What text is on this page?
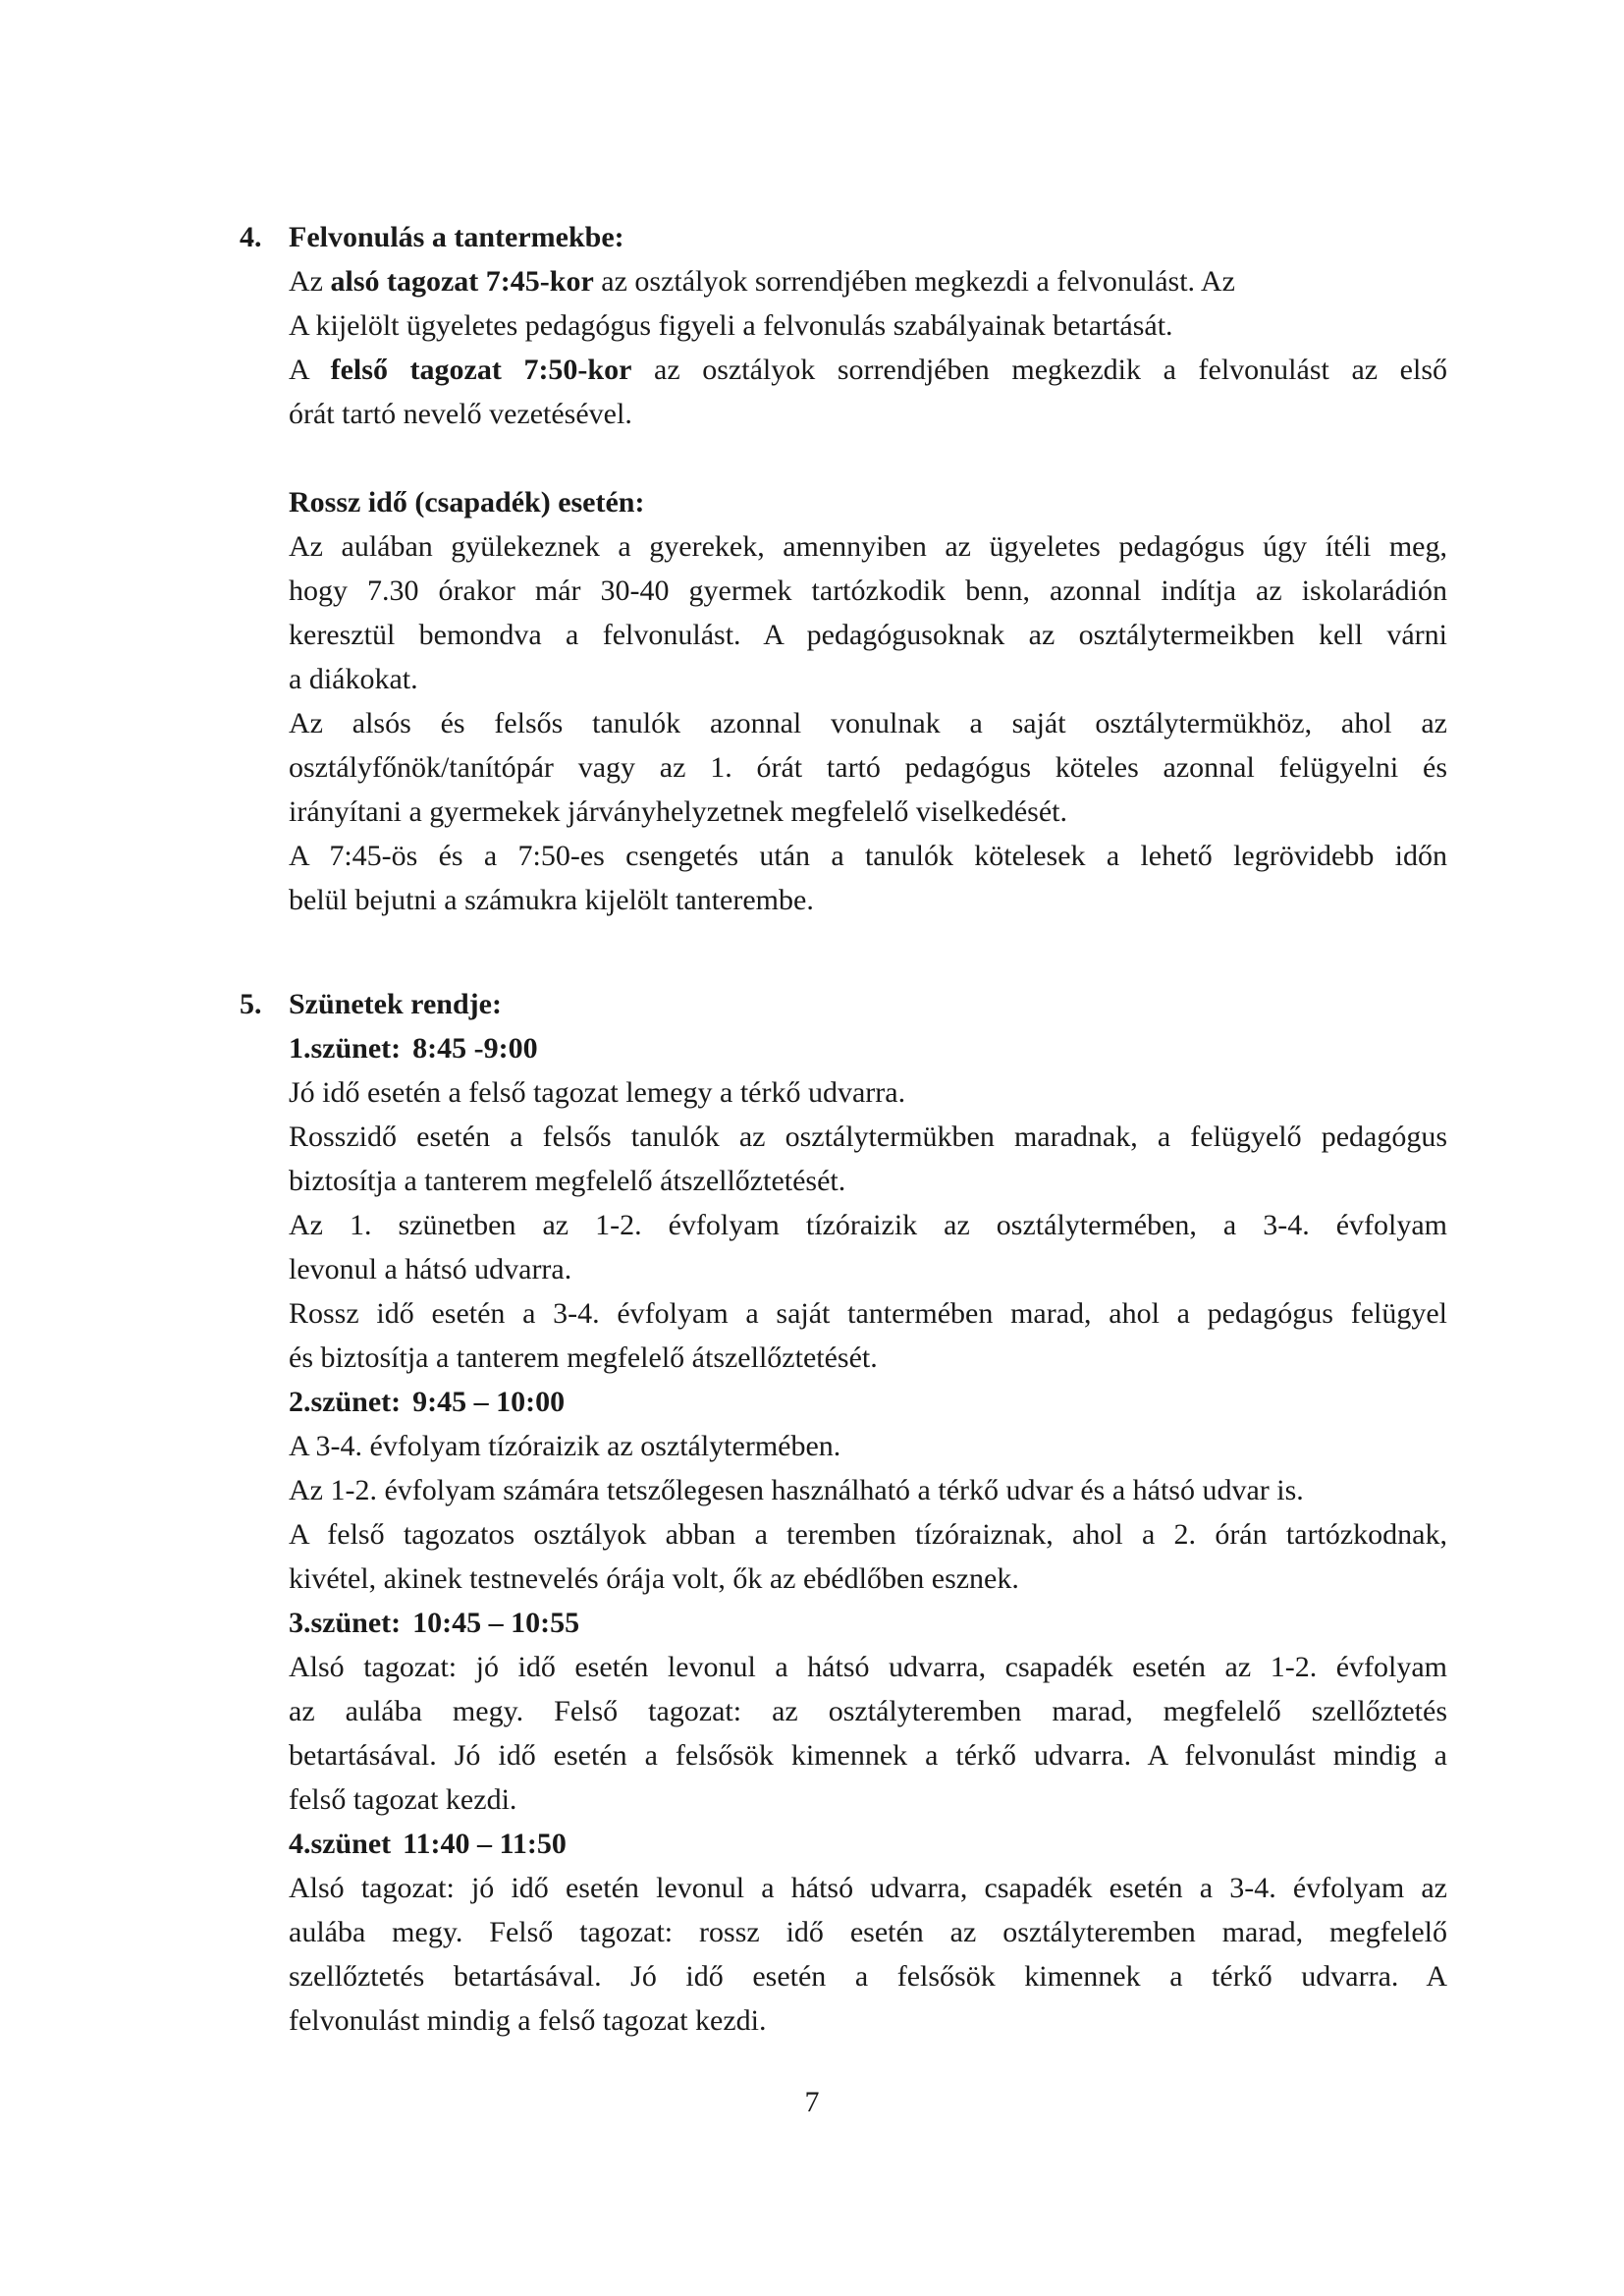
4. Felvonulás a tantermekbe:
Az alsó tagozat 7:45-kor az osztályok sorrendjében megkezdi a felvonulást. Az
A kijelölt ügyeletes pedagógus figyeli a felvonulás szabályainak betartását.
A felső tagozat 7:50-kor az osztályok sorrendjében megkezdik a felvonulást az első
órát tartó nevelő vezetésével.
Rossz idő (csapadék) esetén:
Az aulában gyülekeznek a gyerekek, amennyiben az ügyeletes pedagógus úgy ítéli meg,
hogy 7.30 órakor már 30-40 gyermek tartózkodik benn, azonnal indítja az iskolarádión
keresztül bemondva a felvonulást. A pedagógusoknak az osztálytermeikben kell várni
a diákokat.
Az alsós és felsős tanulók azonnal vonulnak a saját osztálytermükhöz, ahol az
osztályfőnök/tanítópár vagy az 1. órát tartó pedagógus köteles azonnal felügyelni és
irányítani a gyermekek járványhelyzetnek megfelelő viselkedését.
A 7:45-ös és a 7:50-es csengetés után a tanulók kötelesek a lehető legrövidebb időn
belül bejutni a számukra kijelölt tanterembe.
5. Szünetek rendje:
1.szünet: 8:45 -9:00
Jó idő esetén a felső tagozat lemegy a térkő udvarra.
Rosszidő esetén a felsős tanulók az osztálytermükben maradnak, a felügyelő pedagógus
biztosítja a tanterem megfelelő átszellőztetését.
Az 1. szünetben az 1-2. évfolyam tízóraizik az osztálytermében, a 3-4. évfolyam
levonul a hátsó udvarra.
Rossz idő esetén a 3-4. évfolyam a saját tantermében marad, ahol a pedagógus felügyel
és biztosítja a tanterem megfelelő átszellőztetését.
2.szünet: 9:45 – 10:00
A 3-4. évfolyam tízóraizik az osztálytermében.
Az 1-2. évfolyam számára tetszőlegesen használható a térkő udvar és a hátsó udvar is.
A felső tagozatos osztályok abban a teremben tízóraiznak, ahol a 2. órán tartózkodnak,
kivétel, akinek testnevelés órája volt, ők az ebédlőben esznek.
3.szünet: 10:45 – 10:55
Alsó tagozat: jó idő esetén levonul a hátsó udvarra, csapadék esetén az 1-2. évfolyam
az aulába megy. Felső tagozat: az osztályteremben marad, megfelelő szellőztetés
betartásával. Jó idő esetén a felsősök kimennek a térkő udvarra. A felvonulást mindig a
felső tagozat kezdi.
4.szünet 11:40 – 11:50
Alsó tagozat: jó idő esetén levonul a hátsó udvarra, csapadék esetén a 3-4. évfolyam az
aulába megy. Felső tagozat: rossz idő esetén az osztályteremben marad, megfelelő
szellőztetés betartásával. Jó idő esetén a felsősök kimennek a térkő udvarra. A
felvonulást mindig a felső tagozat kezdi.
7
